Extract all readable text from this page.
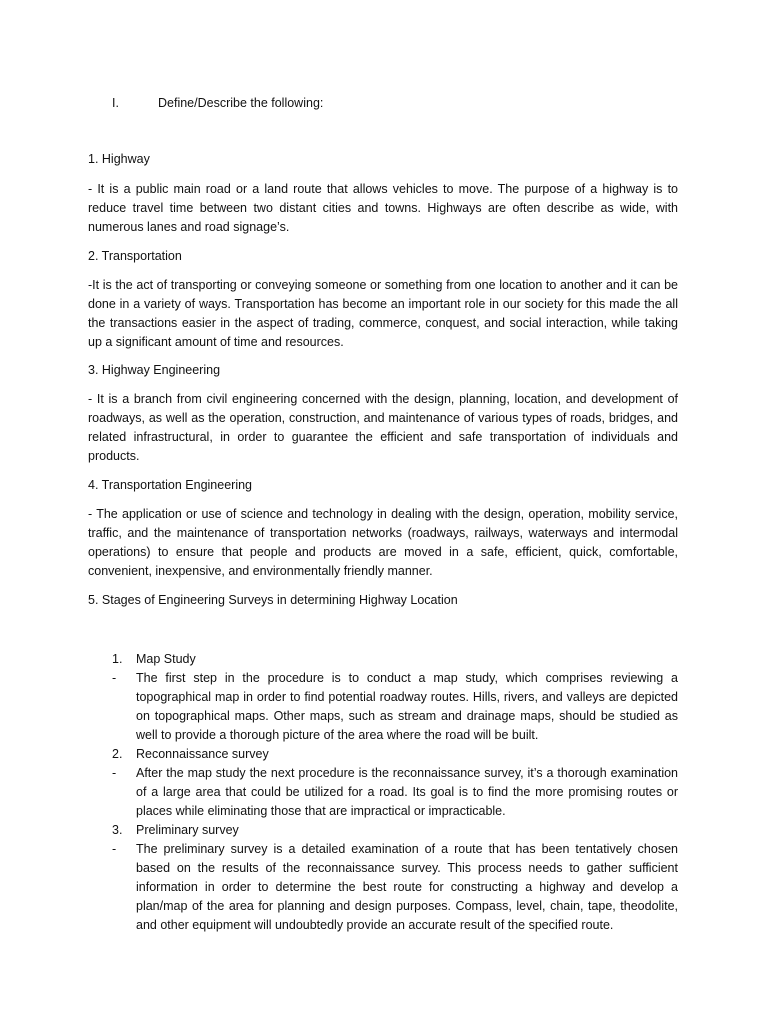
I.	Define/Describe the following:
1. Highway
- It is a public main road or a land route that allows vehicles to move. The purpose of a highway is to reduce travel time between two distant cities and towns. Highways are often describe as wide, with numerous lanes and road signage’s.
2. Transportation
-It is the act of transporting or conveying someone or something from one location to another and it can be done in a variety of ways. Transportation has become an important role in our society for this made the all the transactions easier in the aspect of trading, commerce, conquest, and social interaction, while taking up a significant amount of time and resources.
3. Highway Engineering
- It is a branch from civil engineering concerned with the design, planning, location, and development of roadways, as well as the operation, construction, and maintenance of various types of roads, bridges, and related infrastructural, in order to guarantee the efficient and safe transportation of individuals and products.
4. Transportation Engineering
- The application or use of science and technology in dealing with the design, operation, mobility service, traffic, and the maintenance of transportation networks (roadways, railways, waterways and intermodal operations) to ensure that people and products are moved in a safe, efficient, quick, comfortable, convenient, inexpensive, and environmentally friendly manner.
5. Stages of Engineering Surveys in determining Highway Location
1. Map Study
- The first step in the procedure is to conduct a map study, which comprises reviewing a topographical map in order to find potential roadway routes. Hills, rivers, and valleys are depicted on topographical maps. Other maps, such as stream and drainage maps, should be studied as well to provide a thorough picture of the area where the road will be built.
2. Reconnaissance survey
- After the map study the next procedure is the reconnaissance survey, it’s a thorough examination of a large area that could be utilized for a road. Its goal is to find the more promising routes or places while eliminating those that are impractical or impracticable.
3. Preliminary survey
- The preliminary survey is a detailed examination of a route that has been tentatively chosen based on the results of the reconnaissance survey. This process needs to gather sufficient information in order to determine the best route for constructing a highway and develop a plan/map of the area for planning and design purposes. Compass, level, chain, tape, theodolite, and other equipment will undoubtedly provide an accurate result of the specified route.
